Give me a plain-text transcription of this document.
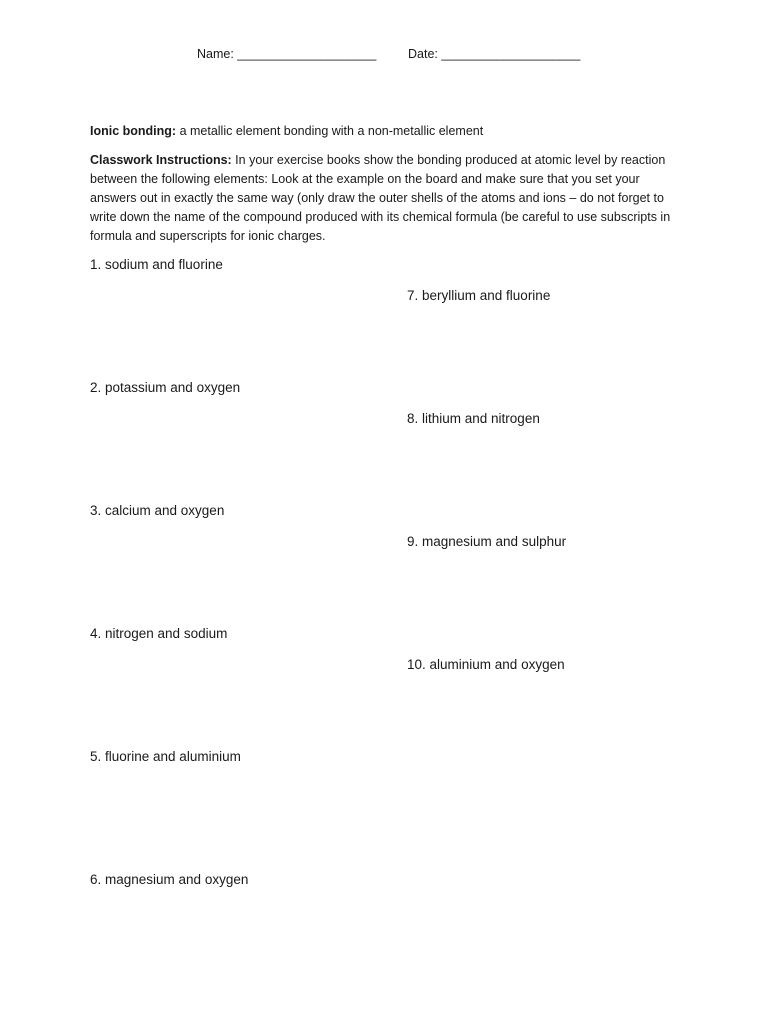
Name: ____________________	Date: ____________________
Ionic bonding: a metallic element bonding with a non-metallic element
Classwork Instructions: In your exercise books show the bonding produced at atomic level by reaction between the following elements: Look at the example on the board and make sure that you set your answers out in exactly the same way (only draw the outer shells of the atoms and ions – do not forget to write down the name of the compound produced with its chemical formula (be careful to use subscripts in formula and superscripts for ionic charges.
1. sodium and fluorine
2. potassium and oxygen
3. calcium and oxygen
4. nitrogen and sodium
5. fluorine and aluminium
6. magnesium and oxygen
7. beryllium and fluorine
8. lithium and nitrogen
9. magnesium and sulphur
10. aluminium and oxygen
